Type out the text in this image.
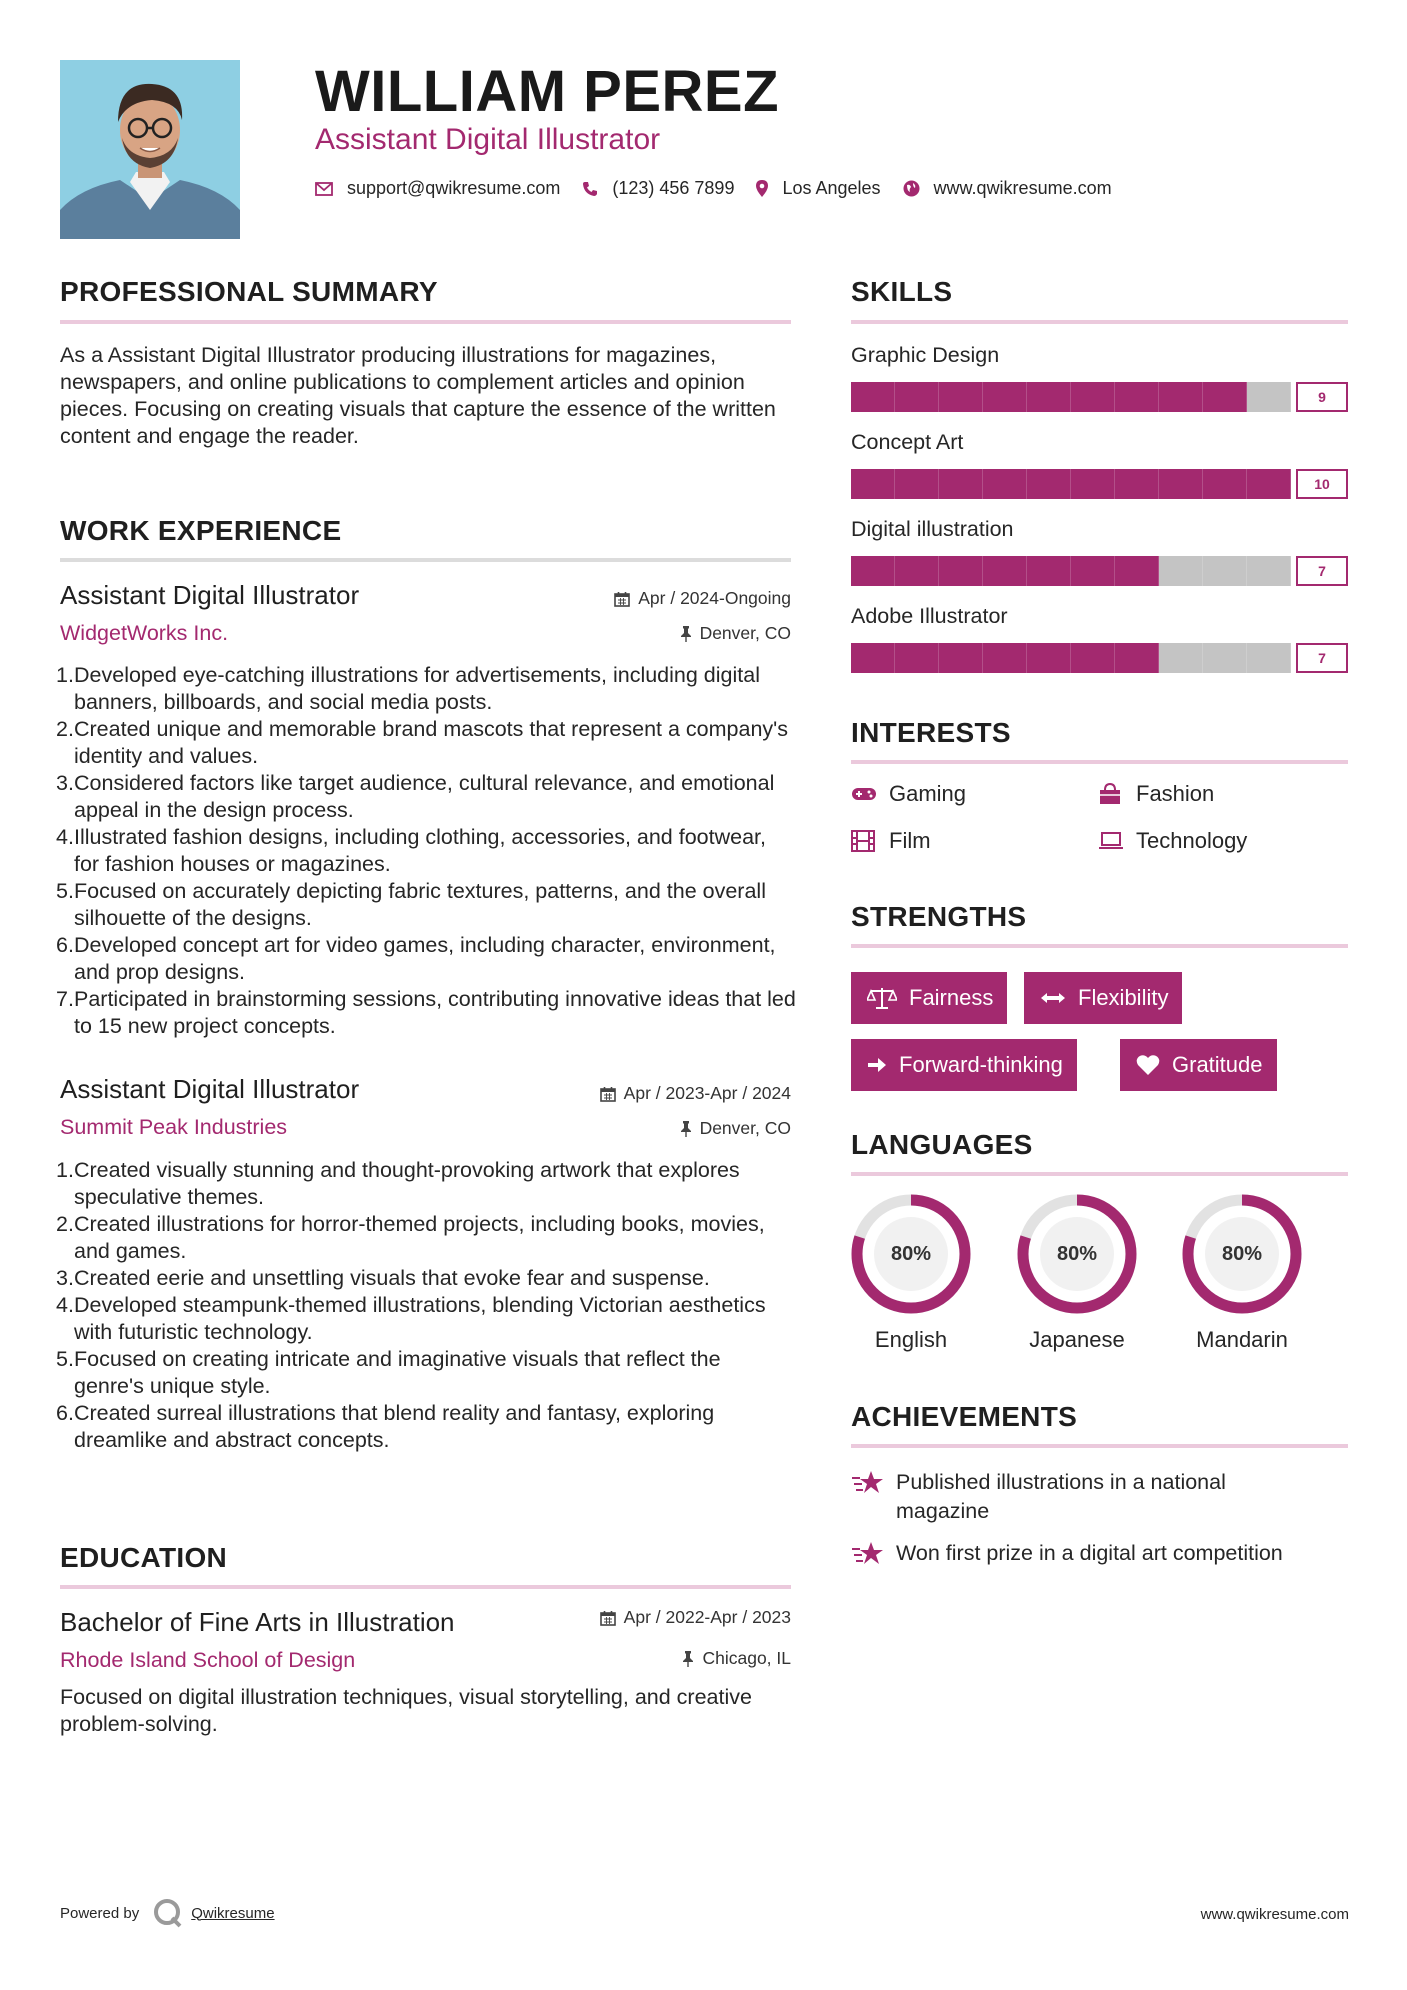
WILLIAM PEREZ
Assistant Digital Illustrator
support@qwikresume.com	(123) 456 7899	Los Angeles	www.qwikresume.com
PROFESSIONAL SUMMARY
As a Assistant Digital Illustrator producing illustrations for magazines, newspapers, and online publications to complement articles and opinion pieces. Focusing on creating visuals that capture the essence of the written content and engage the reader.
WORK EXPERIENCE
Assistant Digital Illustrator	Apr / 2024-Ongoing
WidgetWorks Inc.	Denver, CO
1. Developed eye-catching illustrations for advertisements, including digital banners, billboards, and social media posts.
2. Created unique and memorable brand mascots that represent a company's identity and values.
3. Considered factors like target audience, cultural relevance, and emotional appeal in the design process.
4. Illustrated fashion designs, including clothing, accessories, and footwear, for fashion houses or magazines.
5. Focused on accurately depicting fabric textures, patterns, and the overall silhouette of the designs.
6. Developed concept art for video games, including character, environment, and prop designs.
7. Participated in brainstorming sessions, contributing innovative ideas that led to 15 new project concepts.
Assistant Digital Illustrator	Apr / 2023-Apr / 2024
Summit Peak Industries	Denver, CO
1. Created visually stunning and thought-provoking artwork that explores speculative themes.
2. Created illustrations for horror-themed projects, including books, movies, and games.
3. Created eerie and unsettling visuals that evoke fear and suspense.
4. Developed steampunk-themed illustrations, blending Victorian aesthetics with futuristic technology.
5. Focused on creating intricate and imaginative visuals that reflect the genre's unique style.
6. Created surreal illustrations that blend reality and fantasy, exploring dreamlike and abstract concepts.
EDUCATION
Bachelor of Fine Arts in Illustration	Apr / 2022-Apr / 2023
Rhode Island School of Design	Chicago, IL
Focused on digital illustration techniques, visual storytelling, and creative problem-solving.
SKILLS
Graphic Design
9
Concept Art
10
Digital illustration
7
Adobe Illustrator
7
INTERESTS
Gaming	Fashion
Film	Technology
STRENGTHS
Fairness	Flexibility
Forward-thinking	Gratitude
LANGUAGES
80%
English
80%
Japanese
80%
Mandarin
ACHIEVEMENTS
Published illustrations in a national magazine
Won first prize in a digital art competition
Powered by	Qwikresume	www.qwikresume.com
